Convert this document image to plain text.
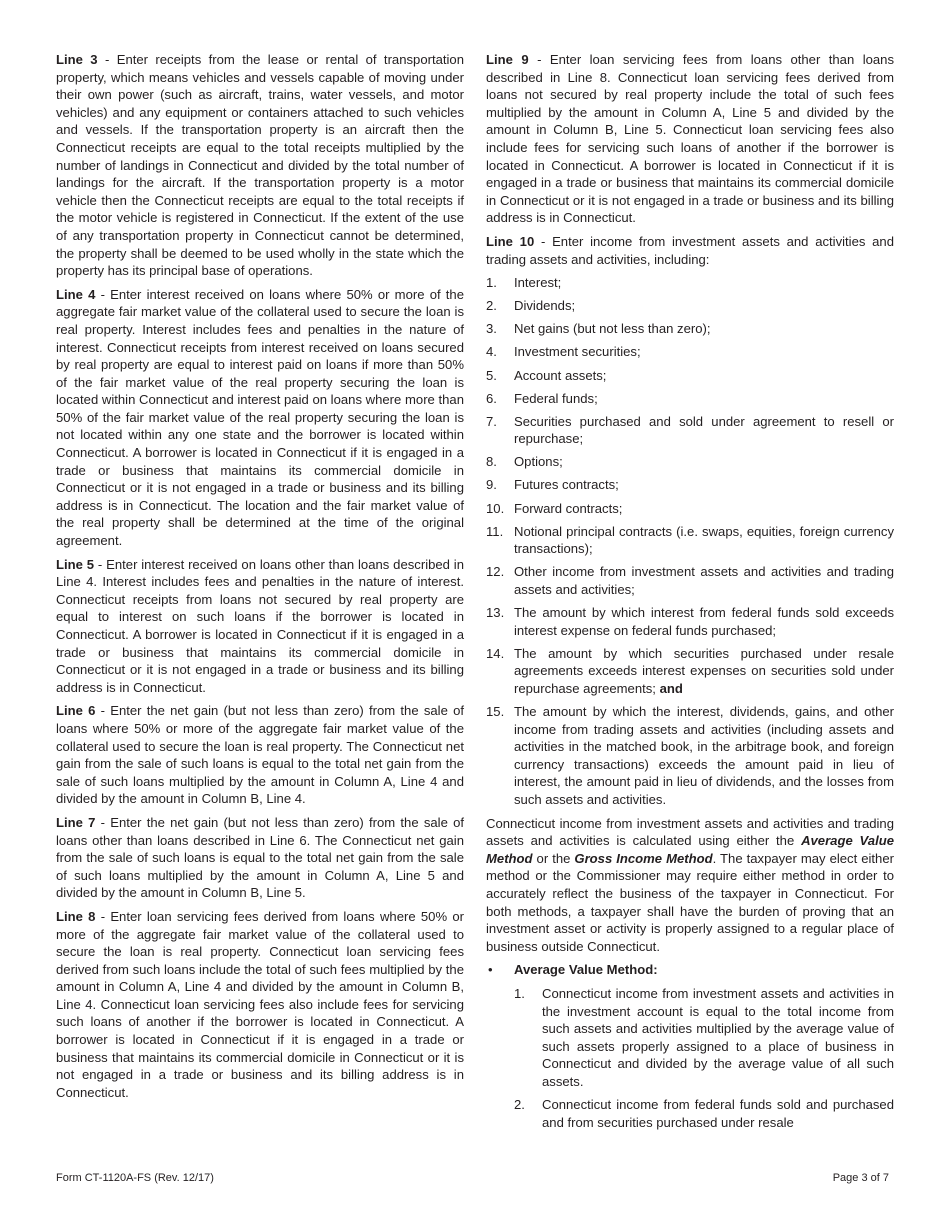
Line 3 - Enter receipts from the lease or rental of transportation property, which means vehicles and vessels capable of moving under their own power (such as aircraft, trains, water vessels, and motor vehicles) and any equipment or containers attached to such vehicles and vessels. If the transportation property is an aircraft then the Connecticut receipts are equal to the total receipts multiplied by the number of landings in Connecticut and divided by the total number of landings for the aircraft. If the transportation property is a motor vehicle then the Connecticut receipts are equal to the total receipts if the motor vehicle is registered in Connecticut. If the extent of the use of any transportation property in Connecticut cannot be determined, the property shall be deemed to be used wholly in the state which the property has its principal base of operations.

Line 4 - Enter interest received on loans where 50% or more of the aggregate fair market value of the collateral used to secure the loan is real property. Interest includes fees and penalties in the nature of interest. Connecticut receipts from interest received on loans secured by real property are equal to interest paid on loans if more than 50% of the fair market value of the real property securing the loan is located within Connecticut and interest paid on loans where more than 50% of the fair market value of the real property securing the loan is not located within any one state and the borrower is located within Connecticut. A borrower is located in Connecticut if it is engaged in a trade or business that maintains its commercial domicile in Connecticut or it is not engaged in a trade or business and its billing address is in Connecticut. The location and the fair market value of the real property shall be determined at the time of the original agreement.

Line 5 - Enter interest received on loans other than loans described in Line 4. Interest includes fees and penalties in the nature of interest. Connecticut receipts from loans not secured by real property are equal to interest on such loans if the borrower is located in Connecticut. A borrower is located in Connecticut if it is engaged in a trade or business that maintains its commercial domicile in Connecticut or it is not engaged in a trade or business and its billing address is in Connecticut.

Line 6 - Enter the net gain (but not less than zero) from the sale of loans where 50% or more of the aggregate fair market value of the collateral used to secure the loan is real property. The Connecticut net gain from the sale of such loans is equal to the total net gain from the sale of such loans multiplied by the amount in Column A, Line 4 and divided by the amount in Column B, Line 4.

Line 7 - Enter the net gain (but not less than zero) from the sale of loans other than loans described in Line 6. The Connecticut net gain from the sale of such loans is equal to the total net gain from the sale of such loans multiplied by the amount in Column A, Line 5 and divided by the amount in Column B, Line 5.

Line 8 - Enter loan servicing fees derived from loans where 50% or more of the aggregate fair market value of the collateral used to secure the loan is real property. Connecticut loan servicing fees derived from such loans include the total of such fees multiplied by the amount in Column A, Line 4 and divided by the amount in Column B, Line 4. Connecticut loan servicing fees also include fees for servicing such loans of another if the borrower is located in Connecticut. A borrower is located in Connecticut if it is engaged in a trade or business that maintains its commercial domicile in Connecticut or it is not engaged in a trade or business and its billing address is in Connecticut.

Line 9 - Enter loan servicing fees from loans other than loans described in Line 8. Connecticut loan servicing fees derived from loans not secured by real property include the total of such fees multiplied by the amount in Column A, Line 5 and divided by the amount in Column B, Line 5. Connecticut loan servicing fees also include fees for servicing such loans of another if the borrower is located in Connecticut. A borrower is located in Connecticut if it is engaged in a trade or business that maintains its commercial domicile in Connecticut or it is not engaged in a trade or business and its billing address is in Connecticut.

Line 10 - Enter income from investment assets and activities and trading assets and activities, including:

1. Interest;
2. Dividends;
3. Net gains (but not less than zero);
4. Investment securities;
5. Account assets;
6. Federal funds;
7. Securities purchased and sold under agreement to resell or repurchase;
8. Options;
9. Futures contracts;
10. Forward contracts;
11. Notional principal contracts (i.e. swaps, equities, foreign currency transactions);
12. Other income from investment assets and activities and trading assets and activities;
13. The amount by which interest from federal funds sold exceeds interest expense on federal funds purchased;
14. The amount by which securities purchased under resale agreements exceeds interest expenses on securities sold under repurchase agreements; and
15. The amount by which the interest, dividends, gains, and other income from trading assets and activities (including assets and activities in the matched book, in the arbitrage book, and foreign currency transactions) exceeds the amount paid in lieu of interest, the amount paid in lieu of dividends, and the losses from such assets and activities.

Connecticut income from investment assets and activities and trading assets and activities is calculated using either the Average Value Method or the Gross Income Method. The taxpayer may elect either method or the Commissioner may require either method in order to accurately reflect the business of the taxpayer in Connecticut. For both methods, a taxpayer shall have the burden of proving that an investment asset or activity is properly assigned to a regular place of business outside Connecticut.

• Average Value Method:
1. Connecticut income from investment assets and activities in the investment account is equal to the total income from such assets and activities multiplied by the average value of such assets properly assigned to a place of business in Connecticut and divided by the average value of all such assets.
2. Connecticut income from federal funds sold and purchased and from securities purchased under resale
Form CT-1120A-FS (Rev. 12/17)	Page 3 of 7
